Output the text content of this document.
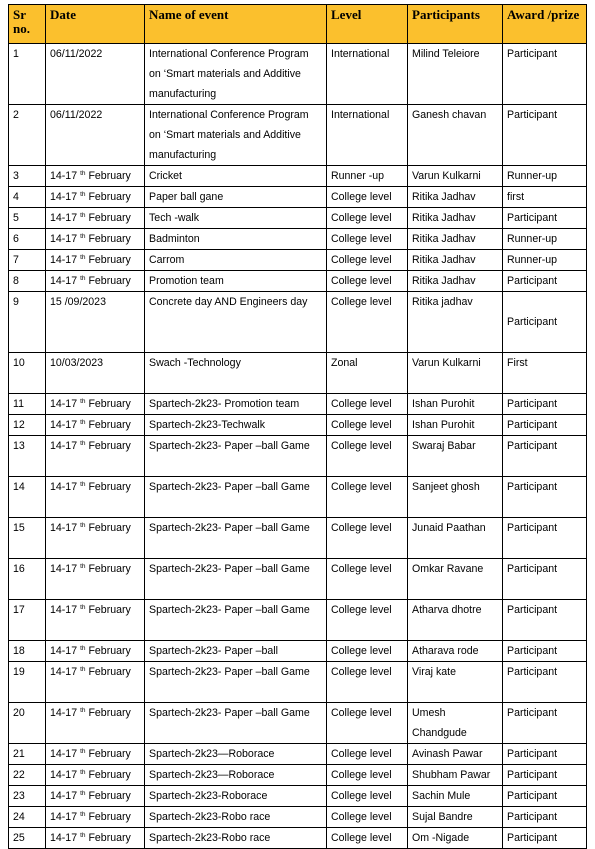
Sr no.	Date	Name of event	Level	Participants	Award /prize
1	06/11/2022	International Conference Program on ‘Smart materials and Additive manufacturing	International	Milind Teleiore	Participant
2	06/11/2022	International Conference Program on ‘Smart materials and Additive manufacturing	International	Ganesh chavan	Participant
3	14-17 $^{th}$ February	Cricket	Runner -up	Varun Kulkarni	Runner-up
4	14-17 $^{th}$ February	Paper ball gane	College level	Ritika Jadhav	first
5	14-17 $^{th}$ February	Tech -walk	College level	Ritika Jadhav	Participant
6	14-17 $^{th}$ February	Badminton	College level	Ritika Jadhav	Runner-up
7	14-17 $^{th}$ February	Carrom	College level	Ritika Jadhav	Runner-up
8	14-17 $^{th}$ February	Promotion team	College level	Ritika Jadhav	Participant
9	15 /09/2023	Concrete day AND Engineers day	College level	Ritika jadhav	Participant
10	10/03/2023	Swach -Technology	Zonal	Varun Kulkarni	First
11	14-17 $^{th}$ February	Spartech-2k23- Promotion team	College level	Ishan Purohit	Participant
12	14-17 $^{th}$ February	Spartech-2k23-Techwalk	College level	Ishan Purohit	Participant
13	14-17 $^{th}$ February	Spartech-2k23- Paper –ball Game	College level	Swaraj Babar	Participant
14	14-17 $^{th}$ February	Spartech-2k23- Paper –ball Game	College level	Sanjeet ghosh	Participant
15	14-17 $^{th}$ February	Spartech-2k23- Paper –ball Game	College level	Junaid Paathan	Participant
16	14-17 $^{th}$ February	Spartech-2k23- Paper –ball Game	College level	Omkar Ravane	Participant
17	14-17 $^{th}$ February	Spartech-2k23- Paper –ball Game	College level	Atharva dhotre	Participant
18	14-17 $^{th}$ February	Spartech-2k23- Paper –ball	College level	Atharava rode	Participant
19	14-17 $^{th}$ February	Spartech-2k23- Paper –ball Game	College level	Viraj kate	Participant
20	14-17 $^{th}$ February	Spartech-2k23- Paper –ball Game	College level	Umesh Chandgude	Participant
21	14-17 $^{th}$ February	Spartech-2k23—Roborace	College level	Avinash Pawar	Participant
22	14-17 $^{th}$ February	Spartech-2k23—Roborace	College level	Shubham Pawar	Participant
23	14-17 $^{th}$ February	Spartech-2k23-Roborace	College level	Sachin Mule	Participant
24	14-17 $^{th}$ February	Spartech-2k23-Robo race	College level	Sujal Bandre	Participant
25	14-17 $^{th}$ February	Spartech-2k23-Robo race	College level	Om -Nigade	Participant
